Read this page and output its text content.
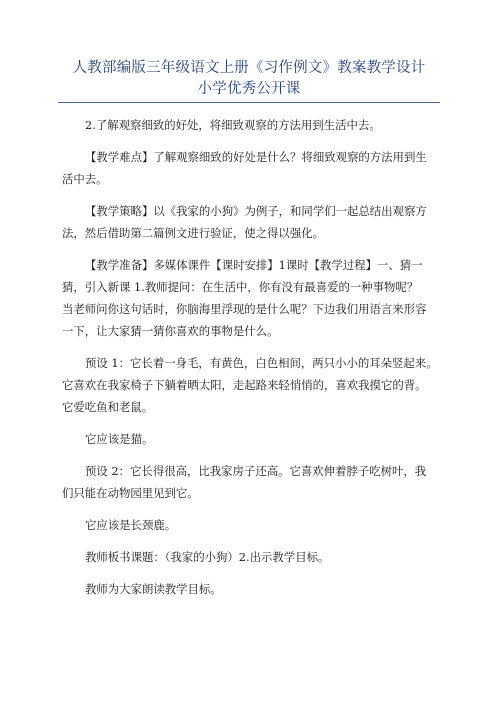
人教部编版三年级语文上册《习作例文》教案教学设计
小学优秀公开课
2.了解观察细致的好处，将细致观察的方法用到生活中去。
【教学难点】了解观察细致的好处是什么？将细致观察的方法用到生
活中去。
【教学策略】以《我家的小狗》为例子，和同学们一起总结出观察方
法，然后借助第二篇例文进行验证，使之得以强化。
【教学准备】多媒体课件【课时安排】1课时【教学过程】一、猜一
猜，引入新课 1.教师提问：在生活中，你有没有最喜爱的一种事物呢？
当老师问你这句话时，你脑海里浮现的是什么呢？下边我们用语言来形容
一下，让大家猜一猜你喜欢的事物是什么。
预设 1：它长着一身毛，有黄色，白色相间，两只小小的耳朵竖起来。
它喜欢在我家椅子下躺着晒太阳，走起路来轻悄悄的，喜欢我摸它的背。
它爱吃鱼和老鼠。
它应该是猫。
预设 2：它长得很高，比我家房子还高。它喜欢伸着脖子吃树叶，我
们只能在动物园里见到它。
它应该是长颈鹿。
教师板书课题：（我家的小狗）2.出示教学目标。
教师为大家朗读教学目标。
